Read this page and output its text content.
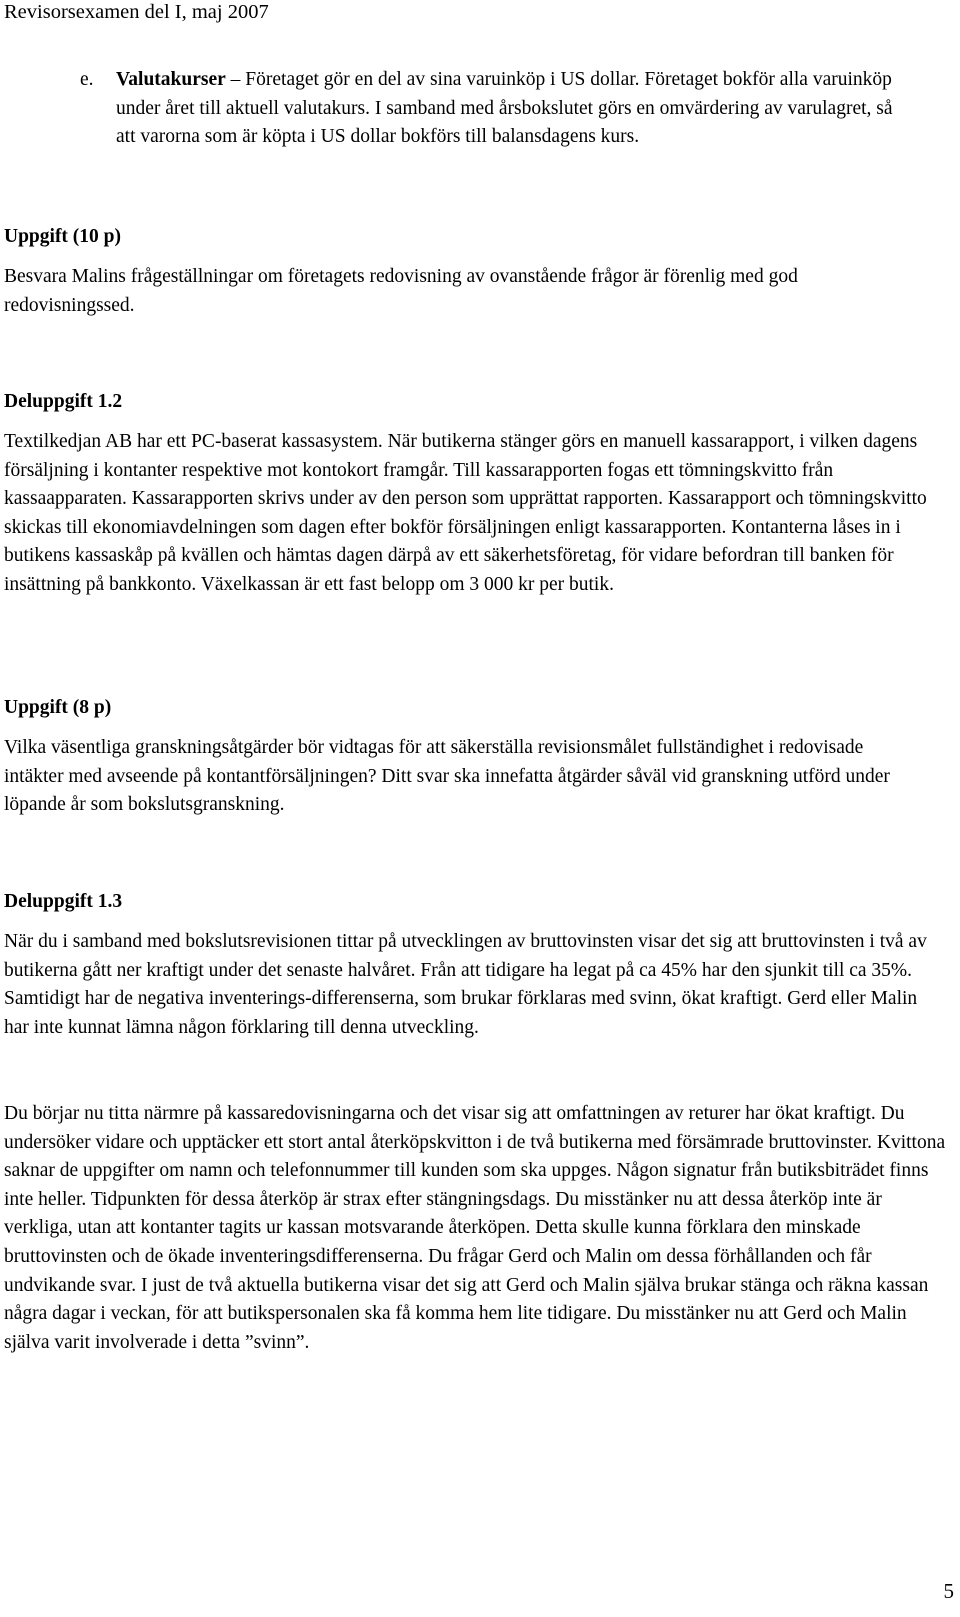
Revisorsexamen del I, maj 2007
e. Valutakurser – Företaget gör en del av sina varuinköp i US dollar. Företaget bokför alla varuinköp under året till aktuell valutakurs. I samband med årsbokslutet görs en omvärdering av varulagret, så att varorna som är köpta i US dollar bokförs till balansdagens kurs.
Uppgift (10 p)
Besvara Malins frågeställningar om företagets redovisning av ovanstående frågor är förenlig med god redovisningssed.
Deluppgift 1.2
Textilkedjan AB har ett PC-baserat kassasystem. När butikerna stänger görs en manuell kassarapport, i vilken dagens försäljning i kontanter respektive mot kontokort framgår. Till kassarapporten fogas ett tömningskvitto från kassaapparaten. Kassarapporten skrivs under av den person som upprättat rapporten. Kassarapport och tömningskvitto skickas till ekonomiavdelningen som dagen efter bokför försäljningen enligt kassarapporten. Kontanterna låses in i butikens kassaskåp på kvällen och hämtas dagen därpå av ett säkerhetsföretag, för vidare befordran till banken för insättning på bankkonto. Växelkassan är ett fast belopp om 3 000 kr per butik.
Uppgift (8 p)
Vilka väsentliga granskningsåtgärder bör vidtagas för att säkerställa revisionsmålet fullständighet i redovisade intäkter med avseende på kontantförsäljningen? Ditt svar ska innefatta åtgärder såväl vid granskning utförd under löpande år som bokslutsgranskning.
Deluppgift 1.3
När du i samband med bokslutsrevisionen tittar på utvecklingen av bruttovinsten visar det sig att bruttovinsten i två av butikerna gått ner kraftigt under det senaste halvåret. Från att tidigare ha legat på ca 45% har den sjunkit till ca 35%. Samtidigt har de negativa inventerings-differenserna, som brukar förklaras med svinn, ökat kraftigt. Gerd eller Malin har inte kunnat lämna någon förklaring till denna utveckling.
Du börjar nu titta närmre på kassaredovisningarna och det visar sig att omfattningen av returer har ökat kraftigt. Du undersöker vidare och upptäcker ett stort antal återköpskvitton i de två butikerna med försämrade bruttovinster. Kvittona saknar de uppgifter om namn och telefonnummer till kunden som ska uppges. Någon signatur från butiksbiträdet finns inte heller. Tidpunkten för dessa återköp är strax efter stängningsdags. Du misstänker nu att dessa återköp inte är verkliga, utan att kontanter tagits ur kassan motsvarande återköpen. Detta skulle kunna förklara den minskade bruttovinsten och de ökade inventeringsdifferenserna. Du frågar Gerd och Malin om dessa förhållanden och får undvikande svar. I just de två aktuella butikerna visar det sig att Gerd och Malin själva brukar stänga och räkna kassan några dagar i veckan, för att butikspersonalen ska få komma hem lite tidigare. Du misstänker nu att Gerd och Malin själva varit involverade i detta ”svinn”.
5
